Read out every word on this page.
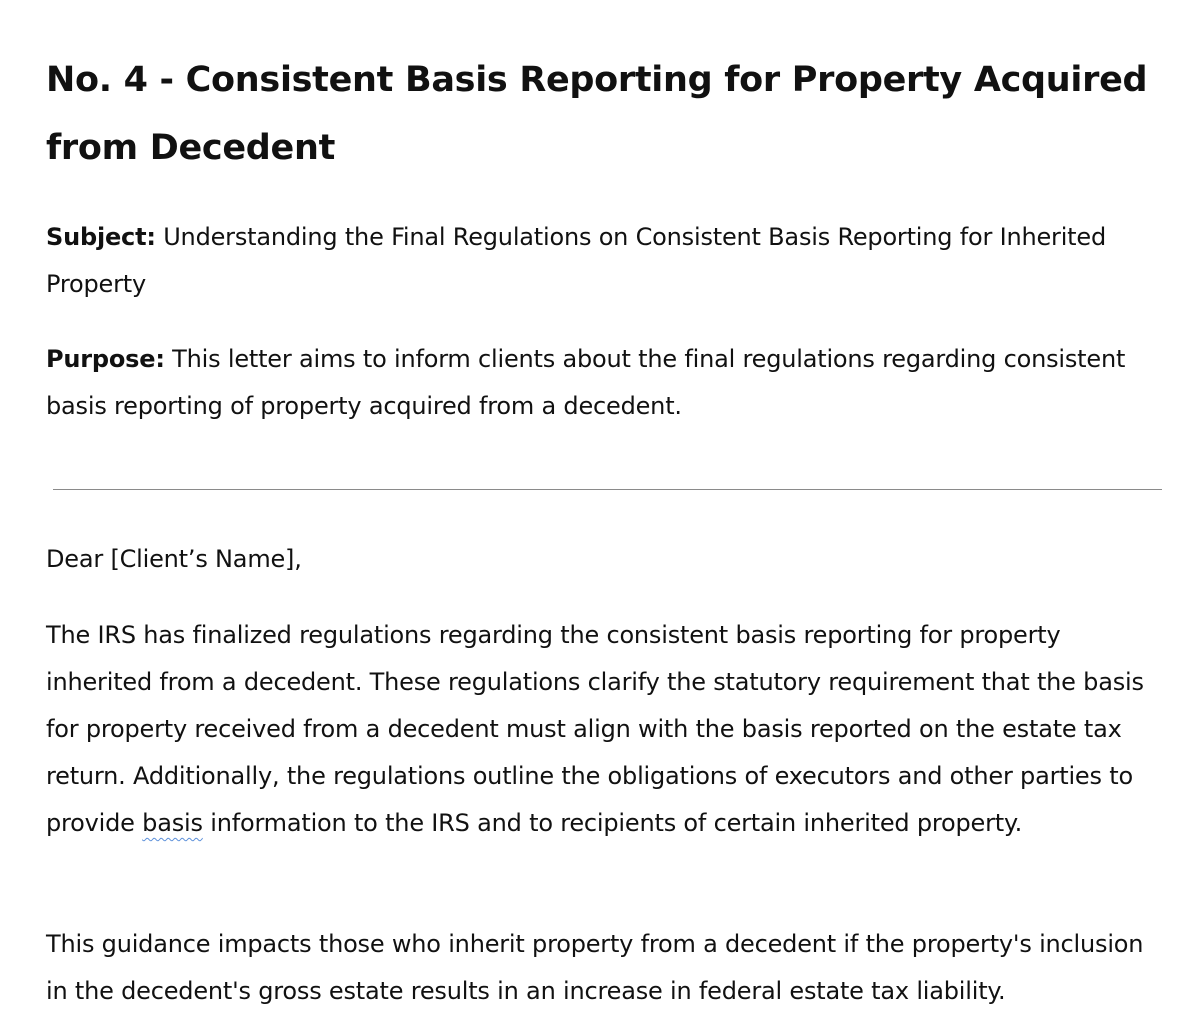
No. 4 - Consistent Basis Reporting for Property Acquired from Decedent

Subject: Understanding the Final Regulations on Consistent Basis Reporting for Inherited Property

Purpose: This letter aims to inform clients about the final regulations regarding consistent basis reporting of property acquired from a decedent.

Dear [Client’s Name],

The IRS has finalized regulations regarding the consistent basis reporting for property inherited from a decedent. These regulations clarify the statutory requirement that the basis for property received from a decedent must align with the basis reported on the estate tax return. Additionally, the regulations outline the obligations of executors and other parties to provide basis information to the IRS and to recipients of certain inherited property.

This guidance impacts those who inherit property from a decedent if the property's inclusion in the decedent's gross estate results in an increase in federal estate tax liability.
